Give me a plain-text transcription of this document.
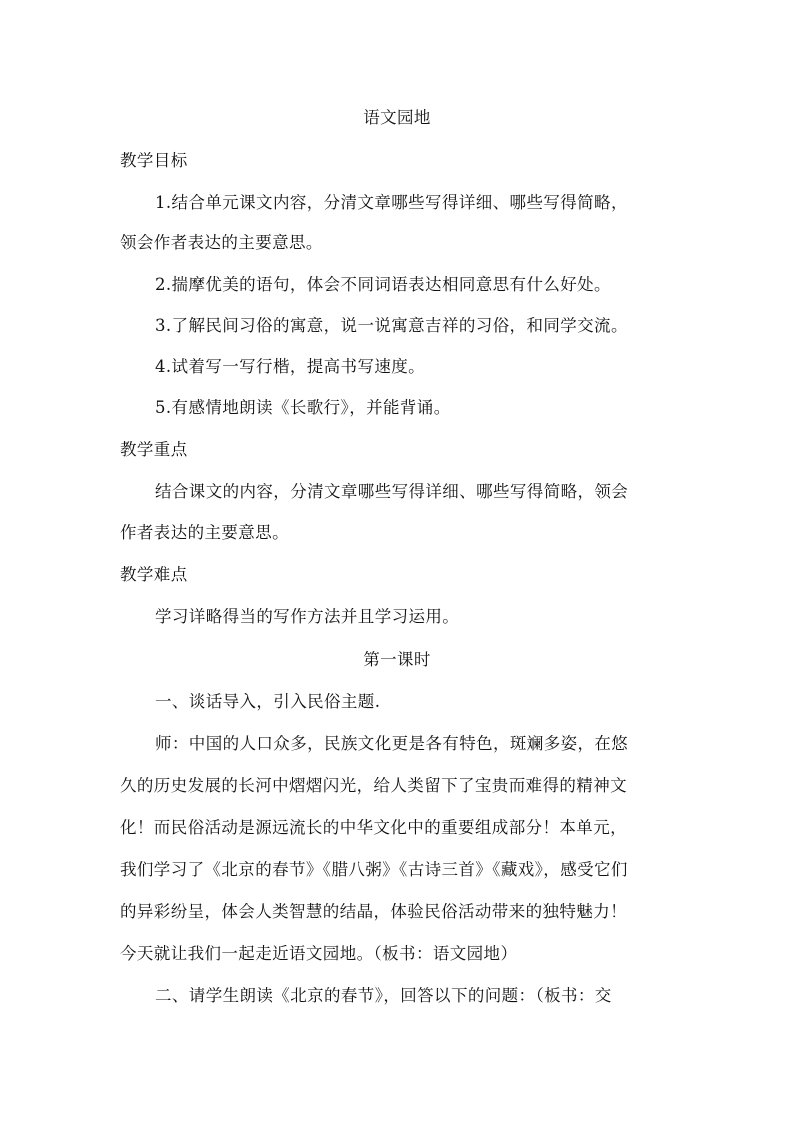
语文园地
教学目标
1.结合单元课文内容，分清文章哪些写得详细、哪些写得简略，
领会作者表达的主要意思。
2.揣摩优美的语句，体会不同词语表达相同意思有什么好处。
3.了解民间习俗的寓意，说一说寓意吉祥的习俗，和同学交流。
4.试着写一写行楷，提高书写速度。
5.有感情地朗读《长歌行》，并能背诵。
教学重点
结合课文的内容，分清文章哪些写得详细、哪些写得简略，领会
作者表达的主要意思。
教学难点
学习详略得当的写作方法并且学习运用。
第一课时
一、谈话导入，引入民俗主题.
师：中国的人口众多，民族文化更是各有特色，斑斓多姿，在悠
久的历史发展的长河中熠熠闪光，给人类留下了宝贵而难得的精神文
化！而民俗活动是源远流长的中华文化中的重要组成部分！本单元，
我们学习了《北京的春节》《腊八粥》《古诗三首》《藏戏》，感受它们
的异彩纷呈，体会人类智慧的结晶，体验民俗活动带来的独特魅力！
今天就让我们一起走近语文园地。（板书：语文园地）
二、请学生朗读《北京的春节》，回答以下的问题：（板书：交
